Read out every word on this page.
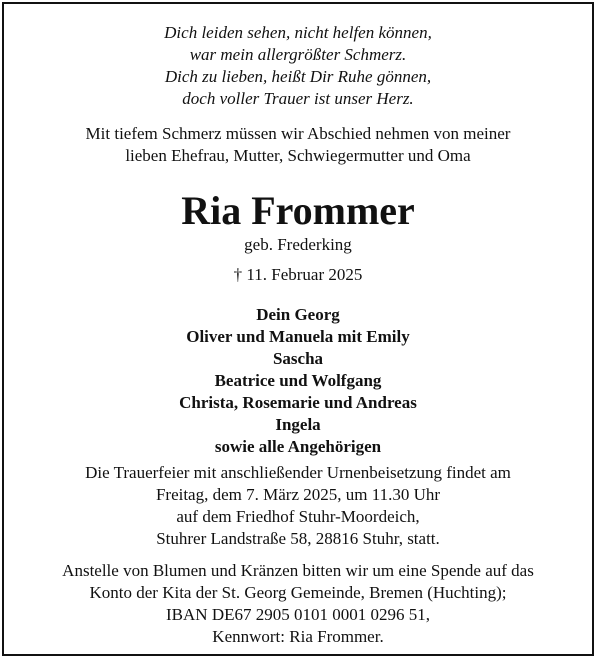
Dich leiden sehen, nicht helfen können,
war mein allergrößter Schmerz.
Dich zu lieben, heißt Dir Ruhe gönnen,
doch voller Trauer ist unser Herz.
Mit tiefem Schmerz müssen wir Abschied nehmen von meiner
lieben Ehefrau, Mutter, Schwiegermutter und Oma
Ria Frommer
geb. Frederking
† 11. Februar 2025
Dein Georg
Oliver und Manuela mit Emily
Sascha
Beatrice und Wolfgang
Christa, Rosemarie und Andreas
Ingela
sowie alle Angehörigen
Die Trauerfeier mit anschließender Urnenbeisetzung findet am
Freitag, dem 7. März 2025, um 11.30 Uhr
auf dem Friedhof Stuhr-Moordeich,
Stuhrer Landstraße 58, 28816 Stuhr, statt.
Anstelle von Blumen und Kränzen bitten wir um eine Spende auf das
Konto der Kita der St. Georg Gemeinde, Bremen (Huchting);
IBAN DE67 2905 0101 0001 0296 51,
Kennwort: Ria Frommer.
